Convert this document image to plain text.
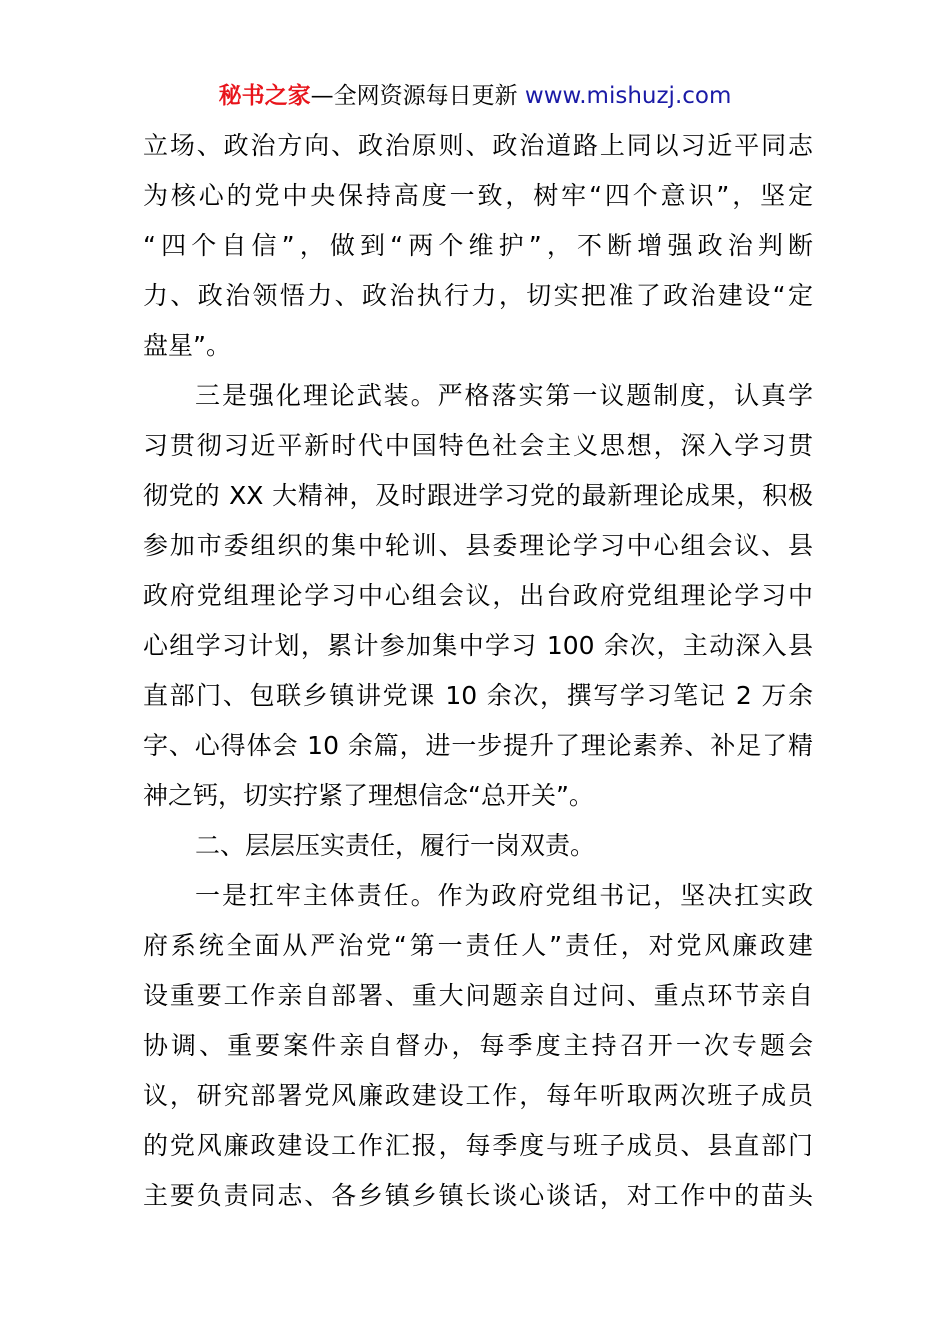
秘书之家—全网资源每日更新 www.mishuzj.com
立场、政治方向、政治原则、政治道路上同以习近平同志
为核心的党中央保持高度一致，树牢“四个意识”，坚定
“四个自信”，做到“两个维护”，不断增强政治判断
力、政治领悟力、政治执行力，切实把准了政治建设“定
盘星”。
三是强化理论武装。严格落实第一议题制度，认真学
习贯彻习近平新时代中国特色社会主义思想，深入学习贯
彻党的 XX 大精神，及时跟进学习党的最新理论成果，积极
参加市委组织的集中轮训、县委理论学习中心组会议、县
政府党组理论学习中心组会议，出台政府党组理论学习中
心组学习计划，累计参加集中学习 100 余次，主动深入县
直部门、包联乡镇讲党课 10 余次，撰写学习笔记 2 万余
字、心得体会 10 余篇，进一步提升了理论素养、补足了精
神之钙，切实拧紧了理想信念“总开关”。
二、层层压实责任，履行一岗双责。
一是扛牢主体责任。作为政府党组书记，坚决扛实政
府系统全面从严治党“第一责任人”责任，对党风廉政建
设重要工作亲自部署、重大问题亲自过问、重点环节亲自
协调、重要案件亲自督办，每季度主持召开一次专题会
议，研究部署党风廉政建设工作，每年听取两次班子成员
的党风廉政建设工作汇报，每季度与班子成员、县直部门
主要负责同志、各乡镇乡镇长谈心谈话，对工作中的苗头
